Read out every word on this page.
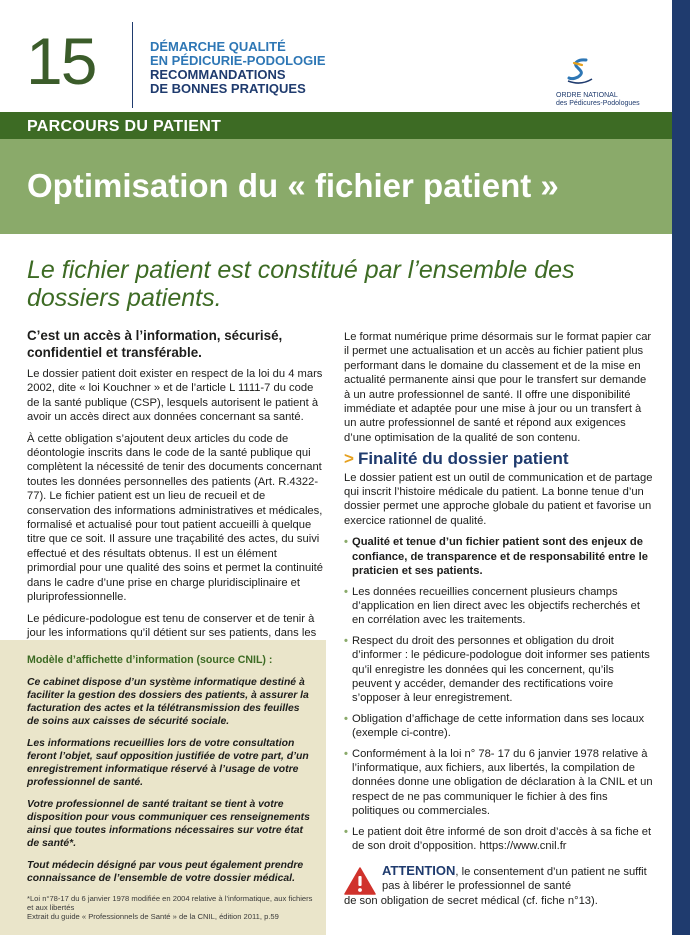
15	DÉMARCHE QUALITÉ
EN PÉDICURIE-PODOLOGIE
RECOMMANDATIONS
DE BONNES PRATIQUES	ORDRE NATIONAL
des Pédicures-Podologues
PARCOURS DU PATIENT
Optimisation du « fichier patient »
Le fichier patient est constitué par l’ensemble des dossiers patients.

C’est un accès à l’information, sécurisé, confidentiel et transférable.

Le dossier patient doit exister en respect de la loi du 4 mars 2002, dite « loi Kouchner » et de l’article L 1111-7 du code de la santé publique (CSP), lesquels autorisent le patient à avoir un accès direct aux données concernant sa santé.

À cette obligation s’ajoutent deux articles du code de déontologie inscrits dans le code de la santé publique qui complètent la nécessité de tenir des documents concernant toutes les données personnelles des patients (Art. R.4322-77). Le fichier patient est un lieu de recueil et de conservation des informations administratives et médicales, formalisé et actualisé pour tout patient accueilli à quelque titre que ce soit. Il assure une traçabilité des actes, du suivi effectué et des résultats obtenus. Il est un élément primordial pour une qualité des soins et permet la continuité dans le cadre d’une prise en charge pluridisciplinaire et pluriprofessionnelle.

Le pédicure-podologue est tenu de conserver et de tenir à jour les informations qu’il détient sur ses patients, dans les

Modèle d’affichette d’information (source CNIL) :
Ce cabinet dispose d’un système informatique destiné à faciliter la gestion des dossiers des patients, à assurer la facturation des actes et la télétransmission des feuilles de soins aux caisses de sécurité sociale.
Les informations recueillies lors de votre consultation feront l’objet, sauf opposition justifiée de votre part, d’un enregistrement informatique réservé à l’usage de votre professionnel de santé.
Votre professionnel de santé traitant se tient à votre disposition pour vous communiquer ces renseignements ainsi que toutes informations nécessaires sur votre état de santé*.
Tout médecin désigné par vous peut également prendre connaissance de l’ensemble de votre dossier médical.
*Loi n°78-17 du 6 janvier 1978 modifiée en 2004 relative à l’informatique, aux fichiers et aux libertés
Extrait du guide « Professionnels de Santé » de la CNIL, édition 2011, p.59

Le format numérique prime désormais sur le format papier car il permet une actualisation et un accès au fichier patient plus performant dans le domaine du classement et de la mise en actualité permanente ainsi que pour le transfert sur demande à un autre professionnel de santé. Il offre une disponibilité immédiate et adaptée pour une mise à jour ou un transfert à un autre professionnel de santé et répond aux exigences d’une optimisation de la qualité de son contenu.

> Finalité du dossier patient

Le dossier patient est un outil de communication et de partage qui inscrit l’histoire médicale du patient. La bonne tenue d’un dossier permet une approche globale du patient et favorise un exercice rationnel de qualité.

• Qualité et tenue d’un fichier patient sont des enjeux de confiance, de transparence et de responsabilité entre le praticien et ses patients.
• Les données recueillies concernent plusieurs champs d’application en lien direct avec les objectifs recherchés et en corrélation avec les traitements.
• Respect du droit des personnes et obligation du droit d’informer : le pédicure-podologue doit informer ses patients qu’il enregistre les données qui les concernent, qu’ils peuvent y accéder, demander des rectifications voire s’opposer à leur enregistrement.
• Obligation d’affichage de cette information dans ses locaux (exemple ci-contre).
• Conformément à la loi n° 78- 17 du 6 janvier 1978 relative à l’informatique, aux fichiers, aux libertés, la compilation de données donne une obligation de déclaration à la CNIL et un respect de ne pas communiquer le fichier à des fins politiques ou commerciales.
• Le patient doit être informé de son droit d’accès à sa fiche et de son droit d’opposition. https://www.cnil.fr
ATTENTION, le consentement d’un patient ne suffit pas à libérer le professionnel de santé
de son obligation de secret médical (cf. fiche n°13).
